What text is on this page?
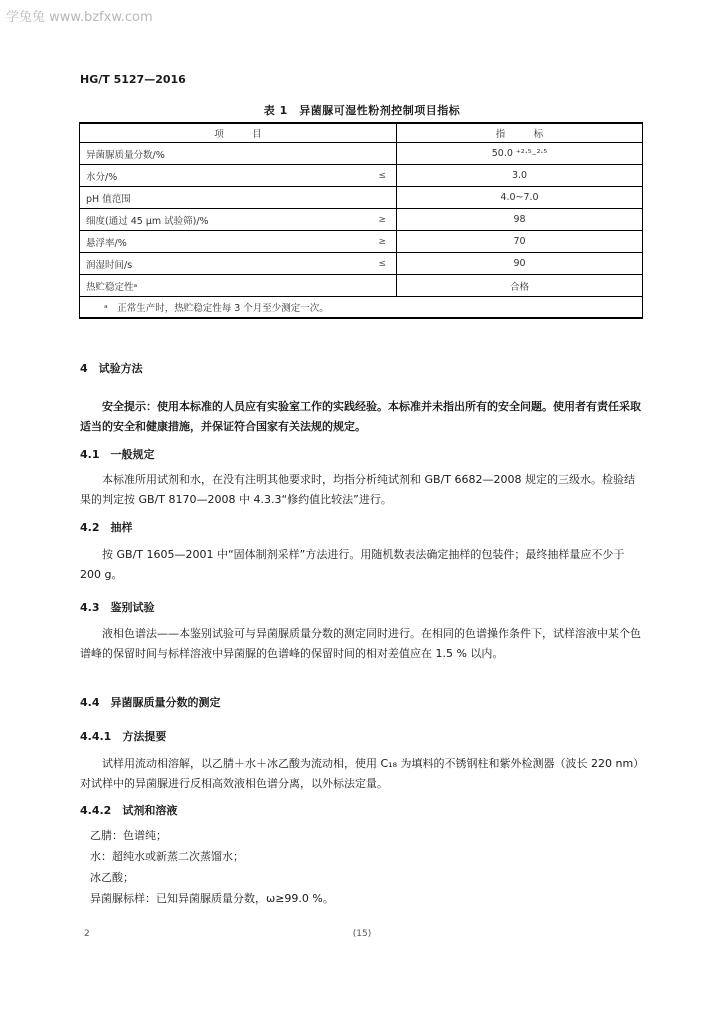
学兔兔 www.bzfxw.com
HG/T 5127—2016
表 1　异菌脲可湿性粉剂控制项目指标
项　　　目	指　　　标
异菌脲质量分数/%	50.0 ⁺²·⁵₋²·⁵
水分/% ≤	3.0
pH 值范围	4.0~7.0
细度(通过 45 μm 试验筛)/% ≥	98
悬浮率/% ≥	70
润湿时间/s ≤	90
热贮稳定性ᵃ	合格
ᵃ　正常生产时，热贮稳定性每 3 个月至少测定一次。	
4　试验方法
安全提示：使用本标准的人员应有实验室工作的实践经验。本标准并未指出所有的安全问题。使用者有责任采取适当的安全和健康措施，并保证符合国家有关法规的规定。
4.1　一般规定
本标准所用试剂和水，在没有注明其他要求时，均指分析纯试剂和 GB/T 6682—2008 规定的三级水。检验结果的判定按 GB/T 8170—2008 中 4.3.3“修约值比较法”进行。
4.2　抽样
按 GB/T 1605—2001 中“固体制剂采样”方法进行。用随机数表法确定抽样的包装件；最终抽样量应不少于 200 g。
4.3　鉴别试验
液相色谱法——本鉴别试验可与异菌脲质量分数的测定同时进行。在相同的色谱操作条件下，试样溶液中某个色谱峰的保留时间与标样溶液中异菌脲的色谱峰的保留时间的相对差值应在 1.5 % 以内。
4.4　异菌脲质量分数的测定
4.4.1　方法提要
试样用流动相溶解，以乙腈＋水＋冰乙酸为流动相，使用 C₁₈ 为填料的不锈钢柱和紫外检测器（波长 220 nm）对试样中的异菌脲进行反相高效液相色谱分离，以外标法定量。
4.4.2　试剂和溶液
乙腈：色谱纯；
水：超纯水或新蒸二次蒸馏水；
冰乙酸；
异菌脲标样：已知异菌脲质量分数，ω≥99.0 %。
2	(15)
